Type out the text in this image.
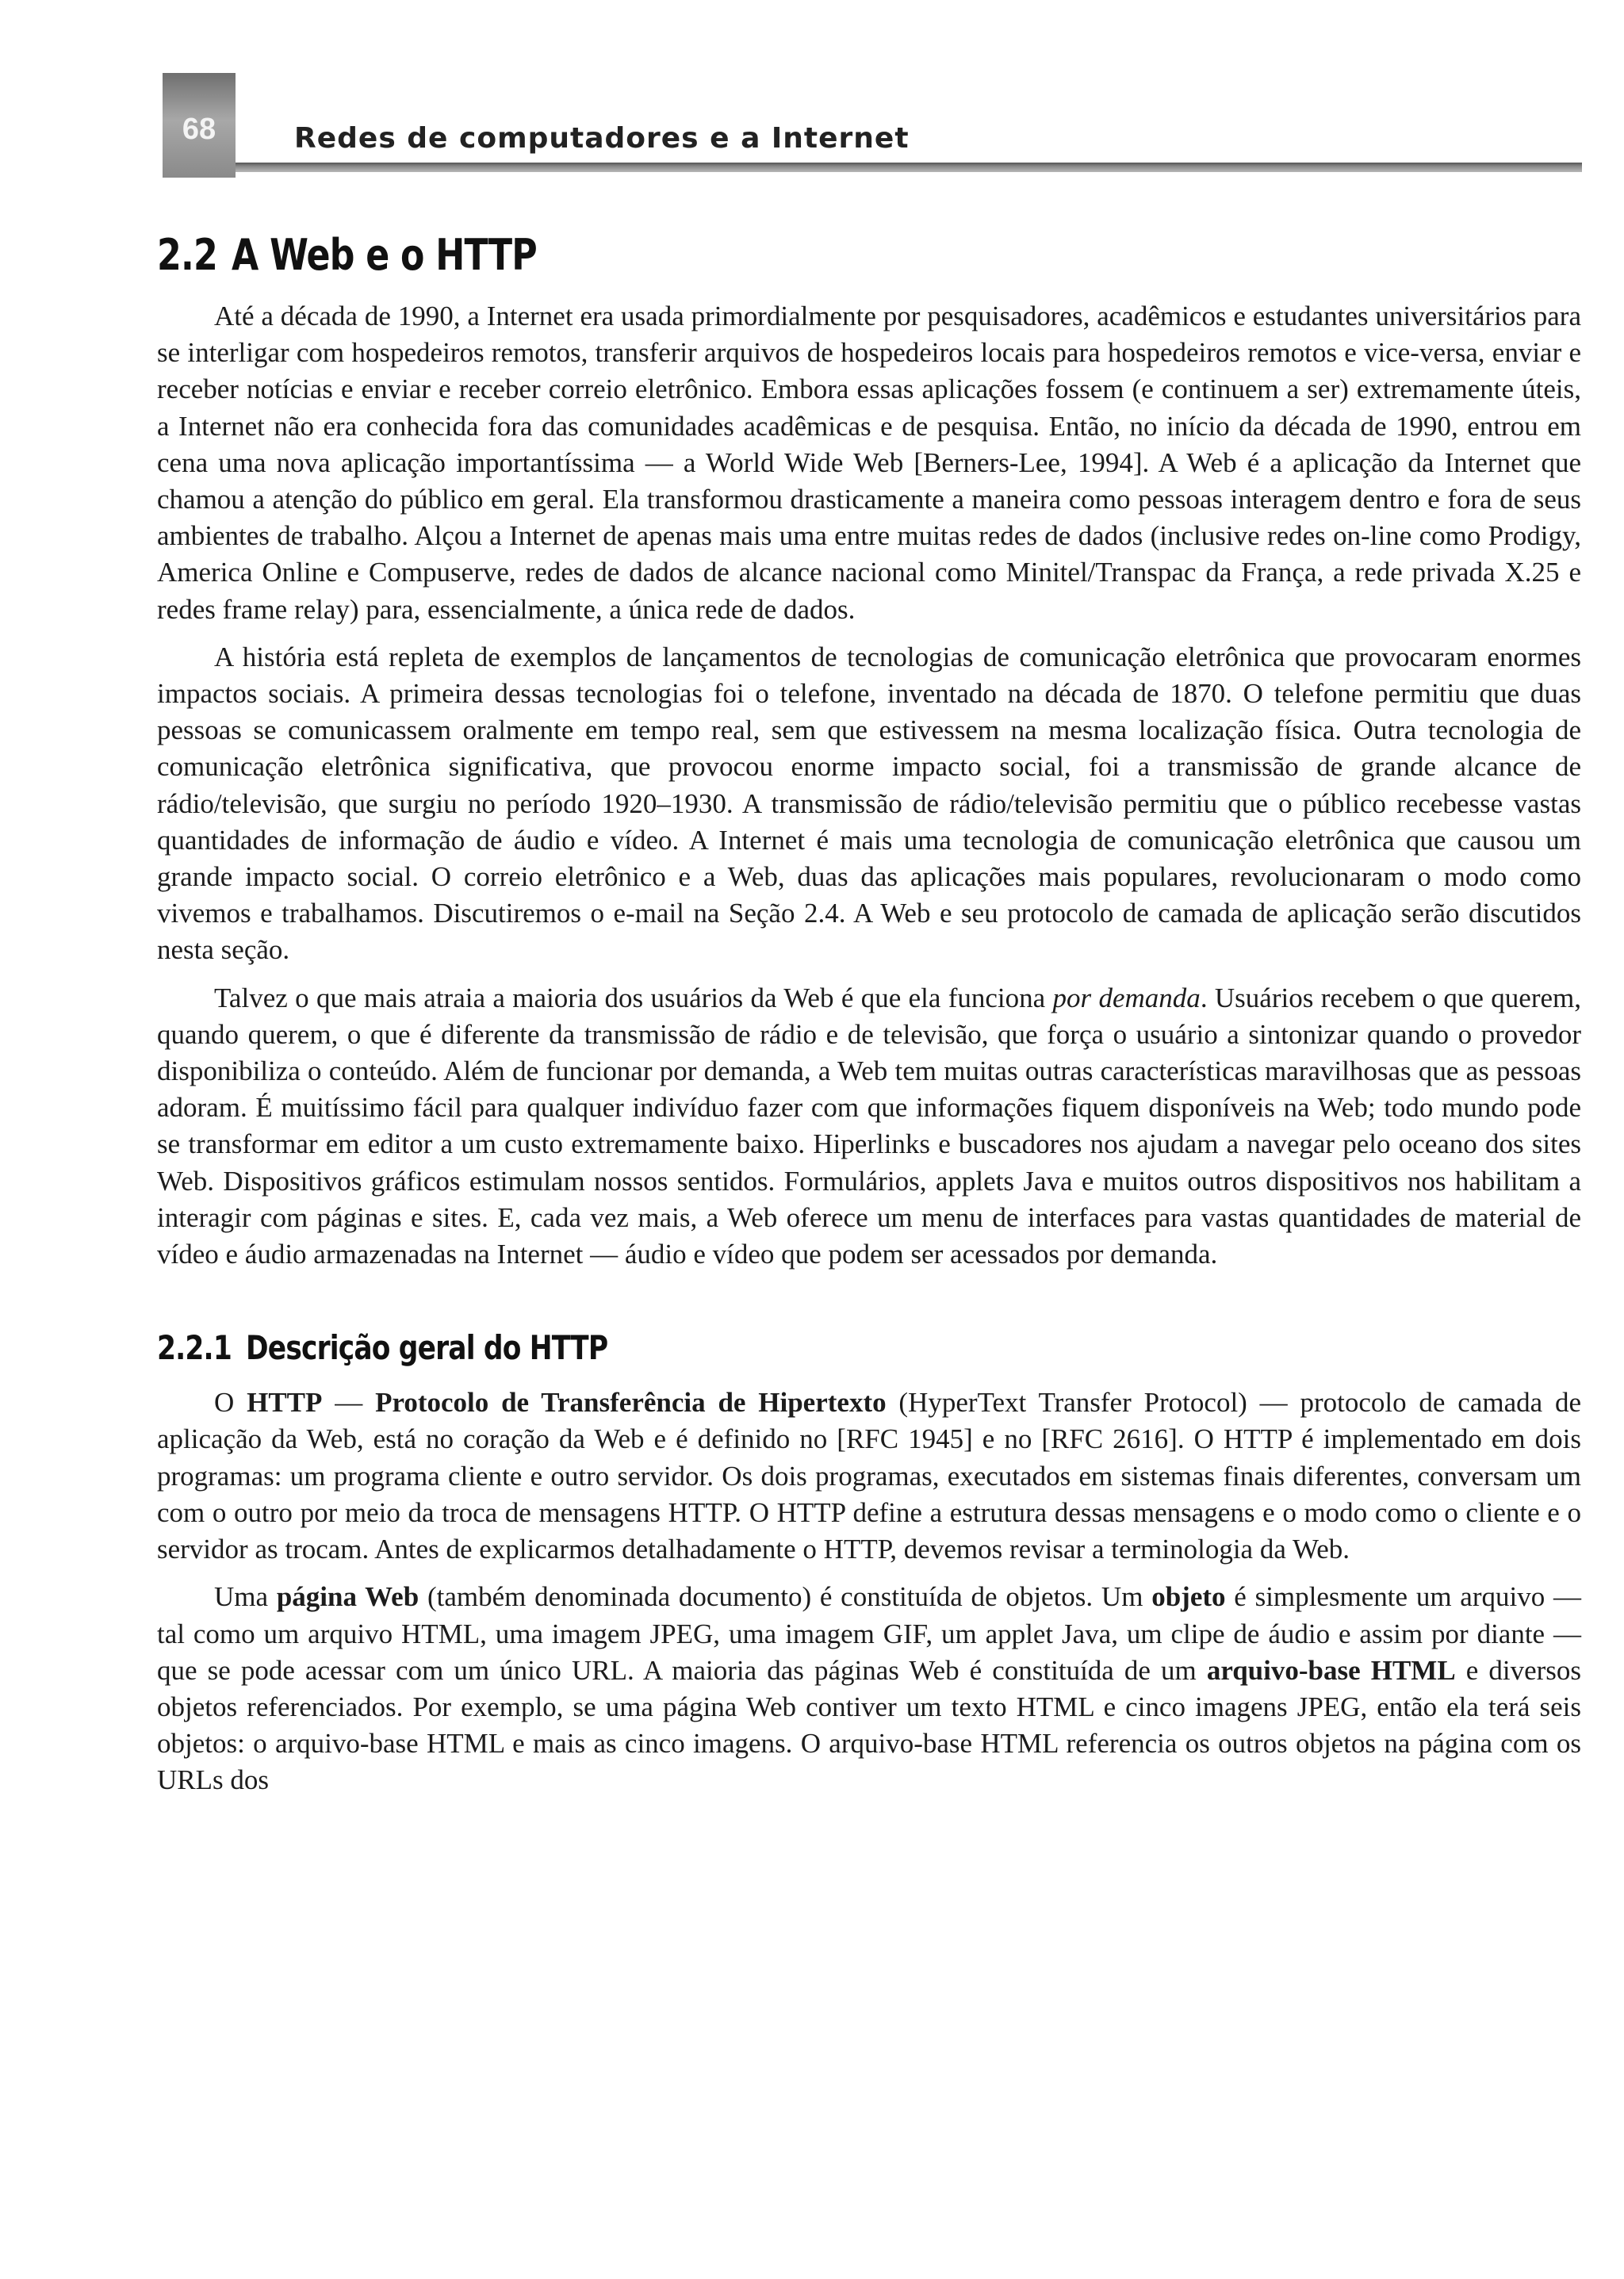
68	Redes de computadores e a Internet
2.2 A Web e o HTTP

Até a década de 1990, a Internet era usada primordialmente por pesquisadores, acadêmicos e estudantes universitários para se interligar com hospedeiros remotos, transferir arquivos de hospedeiros locais para hospedeiros remotos e vice-versa, enviar e receber notícias e enviar e receber correio eletrônico. Embora essas aplicações fossem (e continuem a ser) extremamente úteis, a Internet não era conhecida fora das comunidades acadêmicas e de pesquisa. Então, no início da década de 1990, entrou em cena uma nova aplicação importantíssima — a World Wide Web [Berners-Lee, 1994]. A Web é a aplicação da Internet que chamou a atenção do público em geral. Ela transformou drasticamente a maneira como pessoas interagem dentro e fora de seus ambientes de trabalho. Alçou a Internet de apenas mais uma entre muitas redes de dados (inclusive redes on-line como Prodigy, America Online e Compuserve, redes de dados de alcance nacional como Minitel/Transpac da França, a rede privada X.25 e redes frame relay) para, essencialmente, a única rede de dados.

A história está repleta de exemplos de lançamentos de tecnologias de comunicação eletrônica que provocaram enormes impactos sociais. A primeira dessas tecnologias foi o telefone, inventado na década de 1870. O telefone permitiu que duas pessoas se comunicassem oralmente em tempo real, sem que estivessem na mesma localização física. Outra tecnologia de comunicação eletrônica significativa, que provocou enorme impacto social, foi a transmissão de grande alcance de rádio/televisão, que surgiu no período 1920–1930. A transmissão de rádio/televisão permitiu que o público recebesse vastas quantidades de informação de áudio e vídeo. A Internet é mais uma tecnologia de comunicação eletrônica que causou um grande impacto social. O correio eletrônico e a Web, duas das aplicações mais populares, revolucionaram o modo como vivemos e trabalhamos. Discutiremos o e-mail na Seção 2.4. A Web e seu protocolo de camada de aplicação serão discutidos nesta seção.

Talvez o que mais atraia a maioria dos usuários da Web é que ela funciona por demanda. Usuários recebem o que querem, quando querem, o que é diferente da transmissão de rádio e de televisão, que força o usuário a sintonizar quando o provedor disponibiliza o conteúdo. Além de funcionar por demanda, a Web tem muitas outras características maravilhosas que as pessoas adoram. É muitíssimo fácil para qualquer indivíduo fazer com que informações fiquem disponíveis na Web; todo mundo pode se transformar em editor a um custo extremamente baixo. Hiperlinks e buscadores nos ajudam a navegar pelo oceano dos sites Web. Dispositivos gráficos estimulam nossos sentidos. Formulários, applets Java e muitos outros dispositivos nos habilitam a interagir com páginas e sites. E, cada vez mais, a Web oferece um menu de interfaces para vastas quantidades de material de vídeo e áudio armazenadas na Internet — áudio e vídeo que podem ser acessados por demanda.

2.2.1 Descrição geral do HTTP

O HTTP — Protocolo de Transferência de Hipertexto (HyperText Transfer Protocol) — protocolo de camada de aplicação da Web, está no coração da Web e é definido no [RFC 1945] e no [RFC 2616]. O HTTP é implementado em dois programas: um programa cliente e outro servidor. Os dois programas, executados em sistemas finais diferentes, conversam um com o outro por meio da troca de mensagens HTTP. O HTTP define a estrutura dessas mensagens e o modo como o cliente e o servidor as trocam. Antes de explicarmos detalhadamente o HTTP, devemos revisar a terminologia da Web.

Uma página Web (também denominada documento) é constituída de objetos. Um objeto é simplesmente um arquivo — tal como um arquivo HTML, uma imagem JPEG, uma imagem GIF, um applet Java, um clipe de áudio e assim por diante — que se pode acessar com um único URL. A maioria das páginas Web é constituída de um arquivo-base HTML e diversos objetos referenciados. Por exemplo, se uma página Web contiver um texto HTML e cinco imagens JPEG, então ela terá seis objetos: o arquivo-base HTML e mais as cinco imagens. O arquivo-base HTML referencia os outros objetos na página com os URLs dos
